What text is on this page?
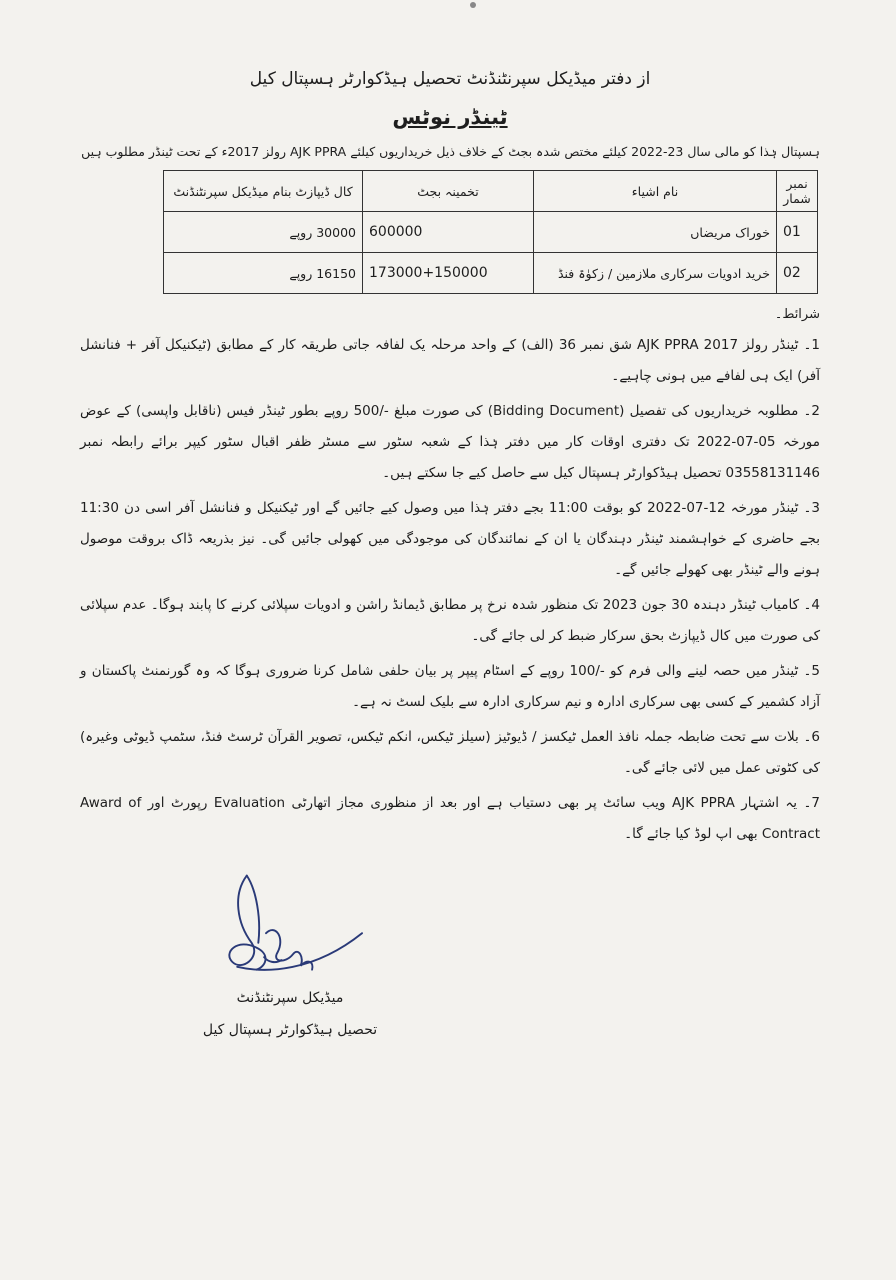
از دفتر میڈیکل سپرنٹنڈنٹ تحصیل ہیڈکوارٹر ہسپتال کیل
ٹینڈر نوٹس
ہسپتال ہٰذا کو مالی سال 23-2022 کیلئے مختص شدہ بجٹ کے خلاف ذیل خریداریوں کیلئے AJK PPRA رولز 2017ء کے تحت ٹینڈر مطلوب ہیں
نمبر شمار	نام اشیاء	تخمینہ بجٹ	کال ڈیپازٹ بنام میڈیکل سپرنٹنڈنٹ
01	خوراک مریضاں	600000	30000 روپے
02	خرید ادویات سرکاری ملازمین / زکوٰۃ فنڈ	173000+150000	16150 روپے
شرائط۔
1۔ ٹینڈر رولز AJK PPRA 2017 شق نمبر 36 (الف) کے واحد مرحلہ یک لفافہ جاتی طریقہ کار کے مطابق (ٹیکنیکل آفر + فنانشل آفر) ایک ہی لفافے میں ہونی چاہیے۔
2۔ مطلوبہ خریداریوں کی تفصیل (Bidding Document) کی صورت مبلغ -/500 روپے بطور ٹینڈر فیس (ناقابل واپسی) کے عوض مورخہ 05-07-2022 تک دفتری اوقات کار میں دفتر ہٰذا کے شعبہ سٹور سے مسٹر ظفر اقبال سٹور کیپر برائے رابطہ نمبر 03558131146 تحصیل ہیڈکوارٹر ہسپتال کیل سے حاصل کیے جا سکتے ہیں۔
3۔ ٹینڈر مورخہ 12-07-2022 کو بوقت 11:00 بجے دفتر ہٰذا میں وصول کیے جائیں گے اور ٹیکنیکل و فنانشل آفر اسی دن 11:30 بجے حاضری کے خواہشمند ٹینڈر دہندگان یا ان کے نمائندگان کی موجودگی میں کھولی جائیں گی۔ نیز بذریعہ ڈاک بروقت موصول ہونے والے ٹینڈر بھی کھولے جائیں گے۔
4۔ کامیاب ٹینڈر دہندہ 30 جون 2023 تک منظور شدہ نرخ پر مطابق ڈیمانڈ راشن و ادویات سپلائی کرنے کا پابند ہوگا۔ عدم سپلائی کی صورت میں کال ڈیپازٹ بحق سرکار ضبط کر لی جائے گی۔
5۔ ٹینڈر میں حصہ لینے والی فرم کو -/100 روپے کے اسٹام پیپر پر بیان حلفی شامل کرنا ضروری ہوگا کہ وہ گورنمنٹ پاکستان و آزاد کشمیر کے کسی بھی سرکاری ادارہ و نیم سرکاری ادارہ سے بلیک لسٹ نہ ہے۔
6۔ بلات سے تحت ضابطہ جملہ نافذ العمل ٹیکسز / ڈیوٹیز (سیلز ٹیکس، انکم ٹیکس، تصویر القرآن ٹرسٹ فنڈ، سٹمپ ڈیوٹی وغیرہ) کی کٹوتی عمل میں لائی جائے گی۔
7۔ یہ اشتہار AJK PPRA ویب سائٹ پر بھی دستیاب ہے اور بعد از منظوری مجاز اتھارٹی Evaluation رپورٹ اور Award of Contract بھی اپ لوڈ کیا جائے گا۔
میڈیکل سپرنٹنڈنٹ
تحصیل ہیڈکوارٹر ہسپتال کیل
